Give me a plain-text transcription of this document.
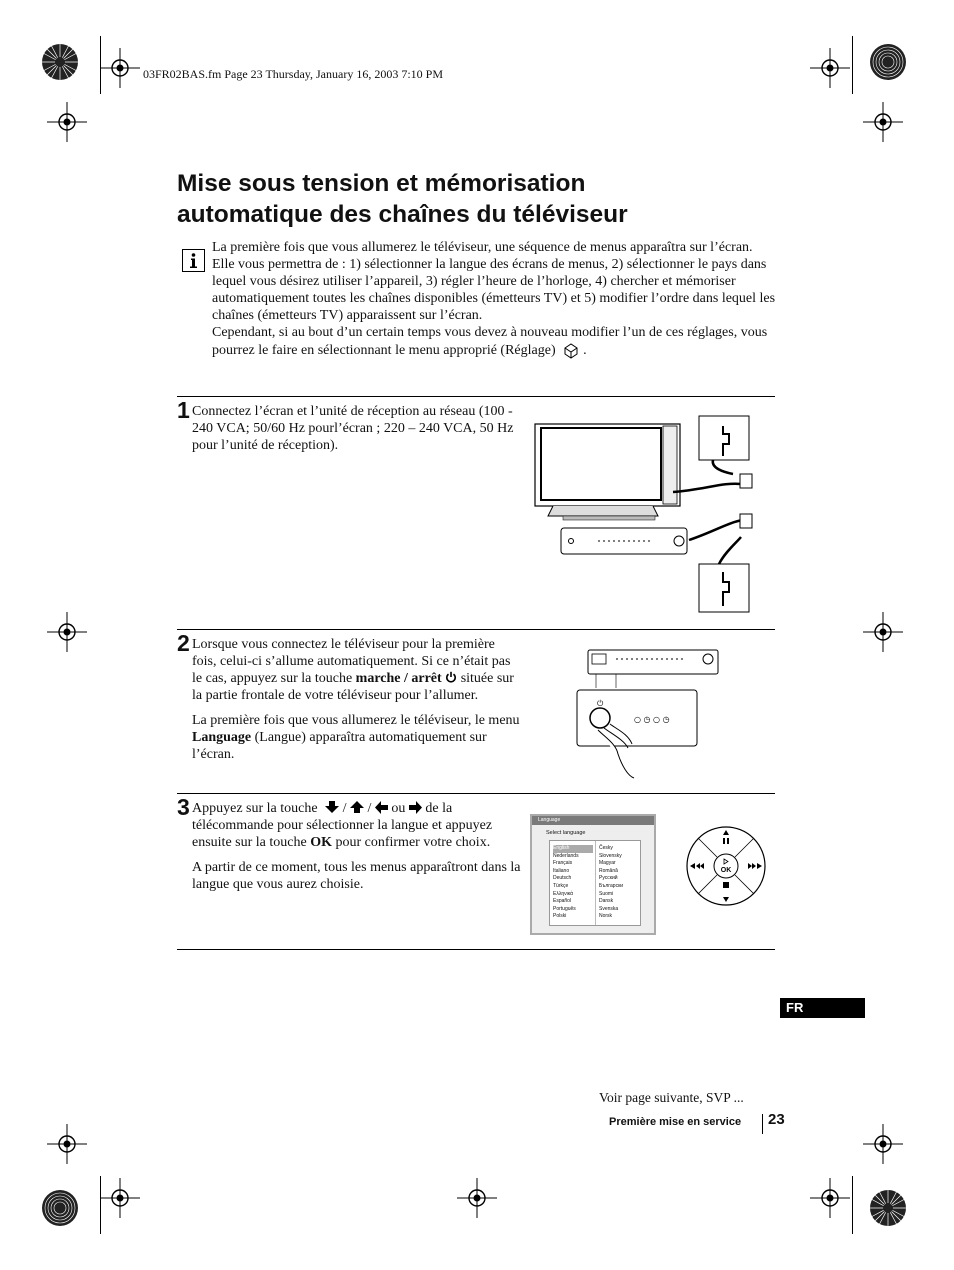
03FR02BAS.fm Page 23 Thursday, January 16, 2003 7:10 PM
Mise sous tension et mémorisation
automatique des chaînes du téléviseur

La première fois que vous allumerez le téléviseur, une séquence de menus apparaîtra sur l’écran. Elle vous permettra de : 1) sélectionner la langue des écrans de menus, 2) sélectionner le pays dans lequel vous désirez utiliser l’appareil, 3) régler l’heure de l’horloge, 4) chercher et mémoriser automatiquement toutes les chaînes disponibles (émetteurs TV) et 5) modifier l’ordre dans lequel les chaînes (émetteurs TV) apparaissent sur l’écran.

Cependant, si au bout d’un certain temps vous devez à nouveau modifier l’un de ces réglages, vous pourrez le faire en sélectionnant le menu approprié (Réglage) .

1 Connectez l’écran et l’unité de réception au réseau (100 - 240 VCA; 50/60 Hz pourl’écran ; 220 – 240 VCA, 50 Hz pour l’unité de réception).

2 Lorsque vous connectez le téléviseur pour la première fois, celui-ci s’allume automatiquement. Si ce n’était pas le cas, appuyez sur la touche marche / arrêt  située sur la partie frontale de votre téléviseur pour l’allumer.

La première fois que vous allumerez le téléviseur, le menu Language (Langue) apparaîtra automatiquement sur l’écran.

⏻
○ ◷ ○ ◷
3 Appuyez sur la touche / / ou de la télécommande pour sélectionner la langue et appuyez ensuite sur la touche OK pour confirmer votre choix.

A partir de ce moment, tous les menus apparaîtront dans la langue que vous aurez choisie.

Language
Select language
English
Nederlands
Français
Italiano
Deutsch
Türkçe
Ελληνικά
Español
Português
Polski
Česky
Slovensky
Magyar
Română
Русский
Български
Suomi
Dansk
Svenska
Norsk
OK
FR
Voir page suivante, SVP ...
Première mise en service 23
